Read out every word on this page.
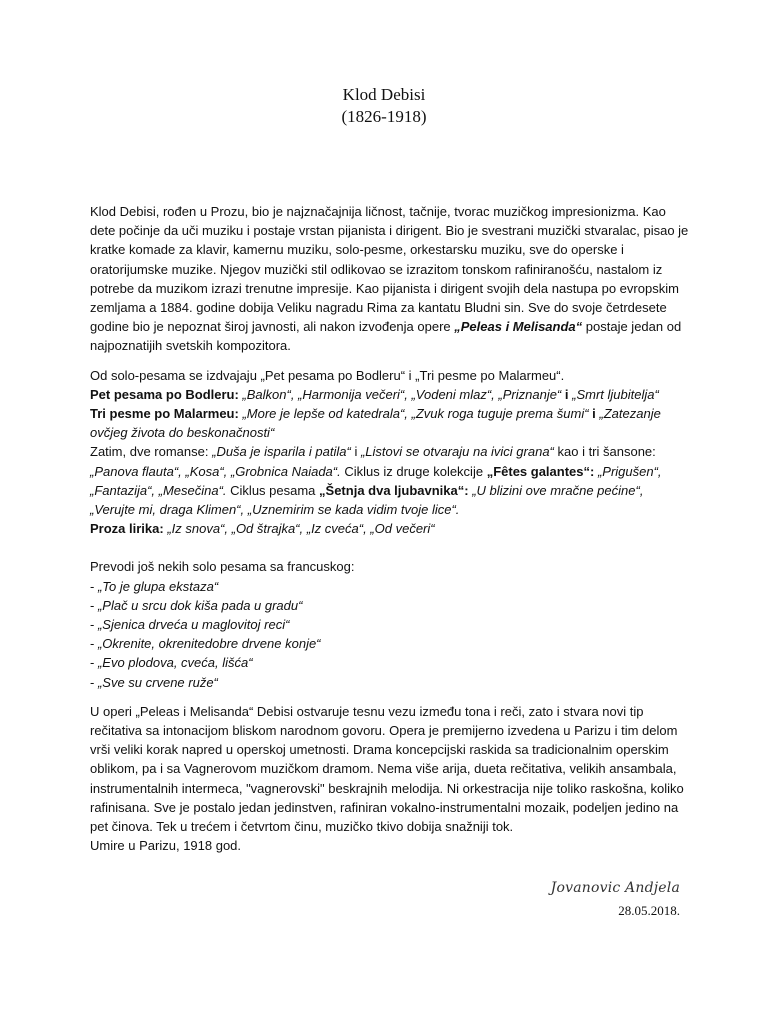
Klod Debisi
(1826-1918)

Klod Debisi, rođen u Prozu, bio je najznačajnija ličnost, tačnije, tvorac muzičkog impresionizma. Kao dete počinje da uči muziku i postaje vrstan pijanista i dirigent. Bio je svestrani muzički stvaralac, pisao je kratke komade za klavir, kamernu muziku, solo-pesme, orkestarsku muziku, sve do operske i oratorijumske muzike. Njegov muzički stil odlikovao se izrazitom tonskom rafiniranošću, nastalom iz potrebe da muzikom izrazi trenutne impresije. Kao pijanista i dirigent svojih dela nastupa po evropskim zemljama a 1884. godine dobija Veliku nagradu Rima za kantatu Bludni sin. Sve do svoje četrdesete godine bio je nepoznat široj javnosti, ali nakon izvođenja opere „Peleas i Melisanda“ postaje jedan od najpoznatijih svetskih kompozitora.

Od solo-pesama se izdvajaju „Pet pesama po Bodleru“ i „Tri pesme po Malarmeu“.

Pet pesama po Bodleru: „Balkon“, „Harmonija večeri“, „Vodeni mlaz“, „Priznanje“ i „Smrt ljubitelja“

Tri pesme po Malarmeu: „More je lepše od katedrala“, „Zvuk roga tuguje prema šumi“ i „Zatezanje ovčjeg života do beskonačnosti“

Zatim, dve romanse: „Duša je isparila i patila“ i „Listovi se otvaraju na ivici grana“ kao i tri šansone: „Panova flauta“, „Kosa“, „Grobnica Naiada“. Ciklus iz druge kolekcije „Fêtes galantes“: „Prigušen“, „Fantazija“, „Mesečina“. Ciklus pesama „Šetnja dva ljubavnika“: „U blizini ove mračne pećine“, „Verujte mi, draga Klimen“, „Uznemirim se kada vidim tvoje lice“.

Proza lirika: „Iz snova“, „Od štrajka“, „Iz cveća“, „Od večeri“

Prevodi još nekih solo pesama sa francuskog:

- „To je glupa ekstaza“

- „Plač u srcu dok kiša pada u gradu“

- „Sjenica drveća u maglovitoj reci“

- „Okrenite, okrenitedobre drvene konje“

- „Evo plodova, cveća, lišća“

- „Sve su crvene ruže“

U operi „Peleas i Melisanda“ Debisi ostvaruje tesnu vezu između tona i reči, zato i stvara novi tip rečitativa sa intonacijom bliskom narodnom govoru. Opera je premijerno izvedena u Parizu i tim delom vrši veliki korak napred u operskoj umetnosti. Drama koncepcijski raskida sa tradicionalnim operskim oblikom, pa i sa Vagnerovom muzičkom dramom. Nema više arija, dueta rečitativa, velikih ansambala, instrumentalnih intermeca, "vagnerovski" beskrajnih melodija. Ni orkestracija nije toliko raskošna, koliko rafinisana. Sve je postalo jedan jedinstven, rafiniran vokalno-instrumentalni mozaik, podeljen jedino na pet činova. Tek u trećem i četvrtom činu, muzičko tkivo dobija snažniji tok.

Umire u Parizu, 1918 god.

Jovanovic Andjela
28.05.2018.
